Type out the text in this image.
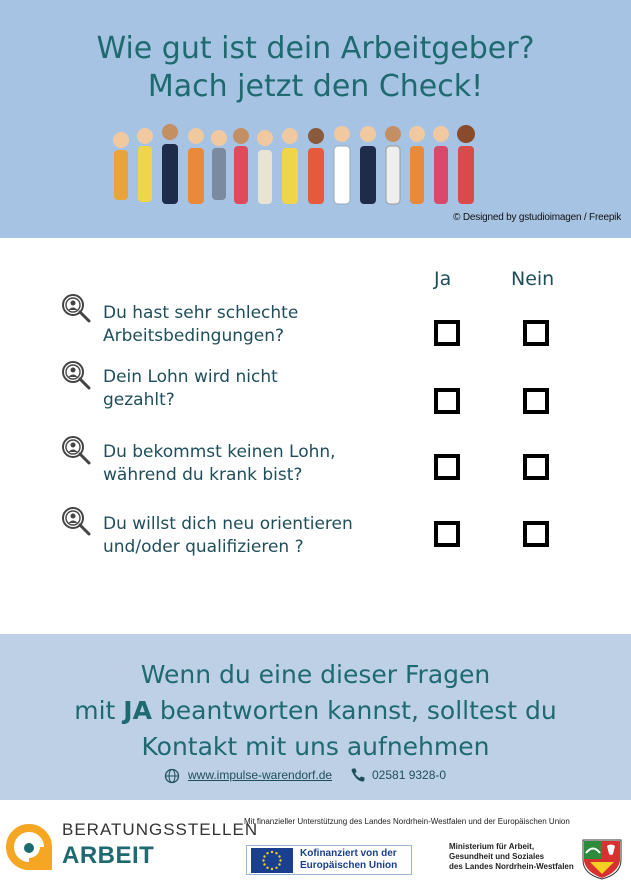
Wie gut ist dein Arbeitgeber?
Mach jetzt den Check!
© Designed by gstudioimagen / Freepik
Ja	Nein
Du hast sehr schlechte
Arbeitsbedingungen?
Dein Lohn wird nicht
gezahlt?
Du bekommst keinen Lohn,
während du krank bist?
Du willst dich neu orientieren
und/oder qualifizieren ?
Wenn du eine dieser Fragen
mit JA beantworten kannst, solltest du
Kontakt mit uns aufnehmen
www.impulse-warendorf.de	02581 9328-0
Mit finanzieller Unterstützung des Landes Nordrhein-Westfalen und der Europäischen Union
BERATUNGSSTELLEN
ARBEIT	Kofinanziert von der
Europäischen Union
Ministerium für Arbeit,
Gesundheit und Soziales
des Landes Nordrhein-Westfalen
